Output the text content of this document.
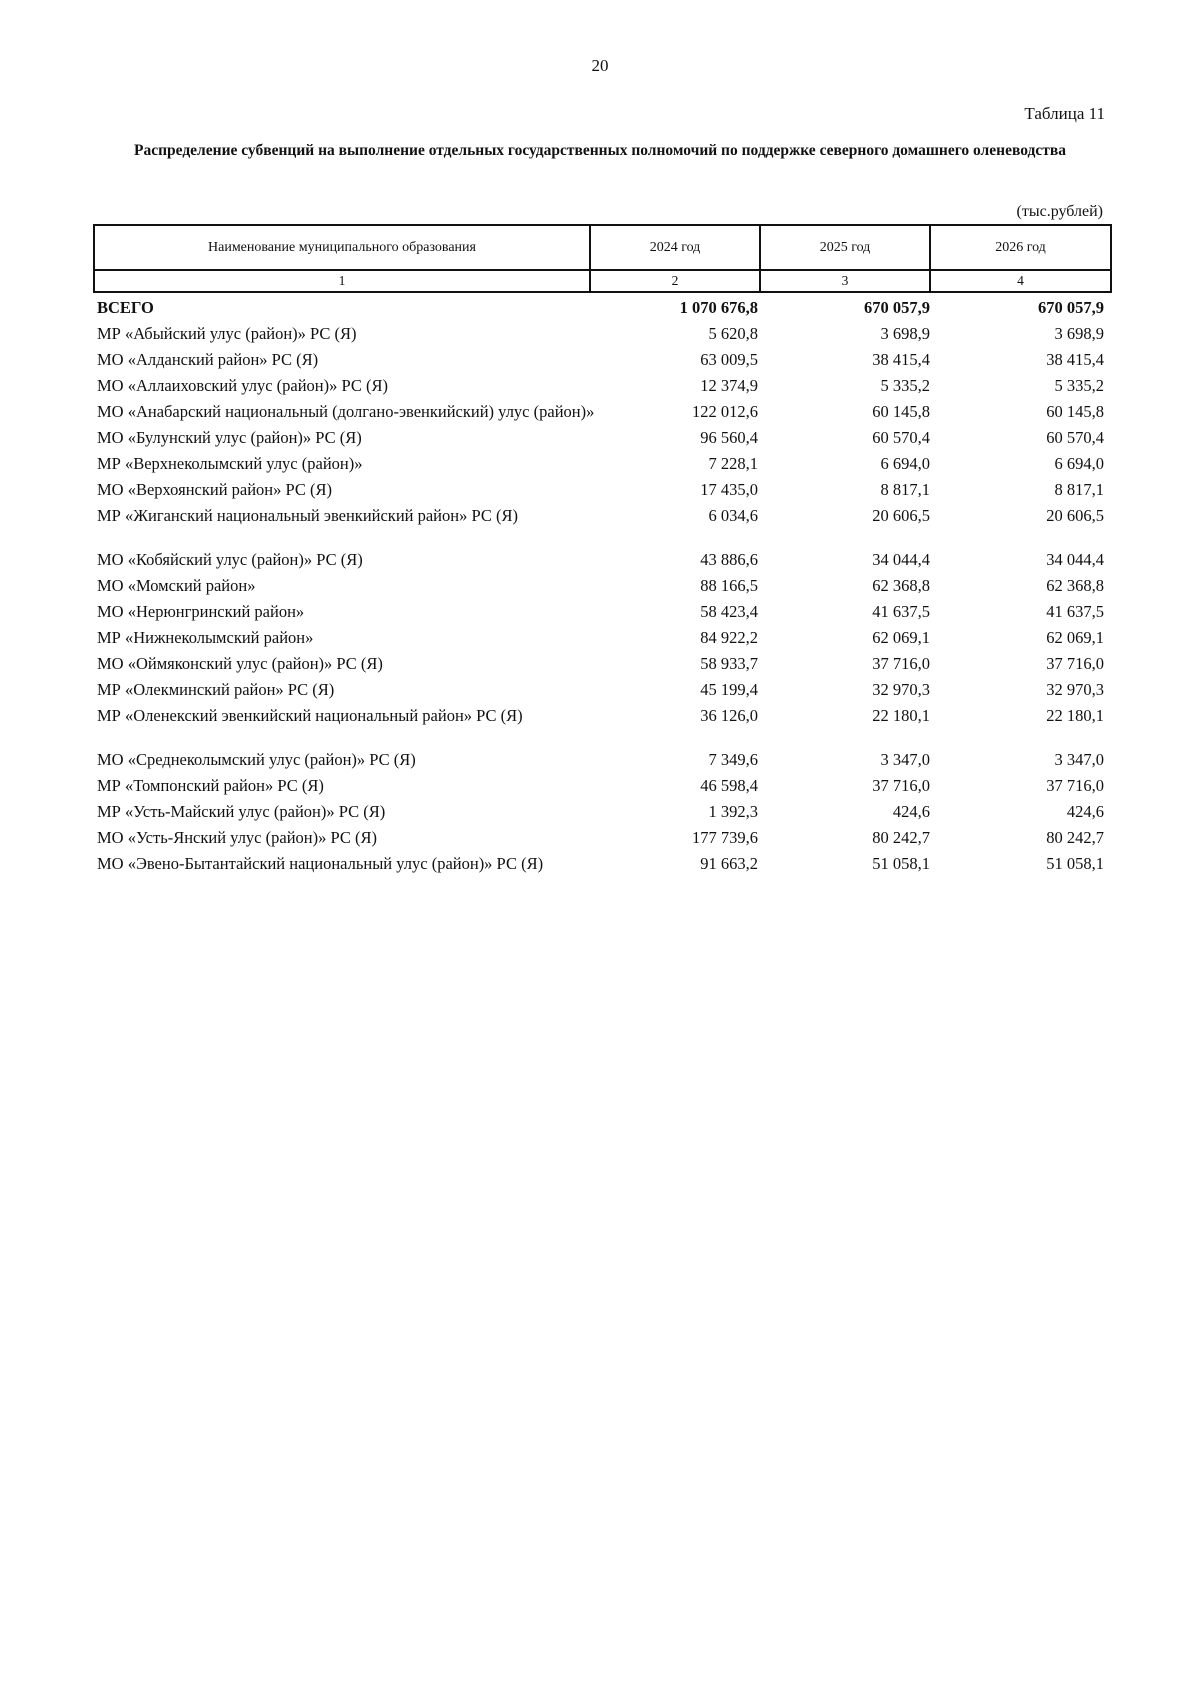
20
Таблица 11
Распределение субвенций на выполнение отдельных государственных полномочий по поддержке северного домашнего оленеводства
(тыс.рублей)
Наименование муниципального образования	2024 год	2025 год	2026 год
1	2	3	4
ВСЕГО	1 070 676,8	670 057,9	670 057,9
МР «Абыйский улус (район)» РС (Я)	5 620,8	3 698,9	3 698,9
МО «Алданский район» РС (Я)	63 009,5	38 415,4	38 415,4
МО «Аллаиховский улус (район)» РС (Я)	12 374,9	5 335,2	5 335,2
МО «Анабарский национальный (долгано-эвенкийский) улус (район)»	122 012,6	60 145,8	60 145,8
МО «Булунский улус (район)» РС (Я)	96 560,4	60 570,4	60 570,4
МР «Верхнеколымский улус (район)»	7 228,1	6 694,0	6 694,0
МО «Верхоянский район» РС (Я)	17 435,0	8 817,1	8 817,1
МР «Жиганский национальный эвенкийский район» РС (Я)	6 034,6	20 606,5	20 606,5
МО «Кобяйский улус (район)» РС (Я)	43 886,6	34 044,4	34 044,4
МО «Момский район»	88 166,5	62 368,8	62 368,8
МО «Нерюнгринский район»	58 423,4	41 637,5	41 637,5
МР «Нижнеколымский район»	84 922,2	62 069,1	62 069,1
МО «Оймяконский улус (район)» РС (Я)	58 933,7	37 716,0	37 716,0
МР «Олекминский район» РС (Я)	45 199,4	32 970,3	32 970,3
МР «Оленекский эвенкийский национальный район» РС (Я)	36 126,0	22 180,1	22 180,1
МО «Среднеколымский улус (район)» РС (Я)	7 349,6	3 347,0	3 347,0
МР «Томпонский район» РС (Я)	46 598,4	37 716,0	37 716,0
МР «Усть-Майский улус (район)» РС (Я)	1 392,3	424,6	424,6
МО «Усть-Янский улус (район)» РС (Я)	177 739,6	80 242,7	80 242,7
МО «Эвено-Бытантайский национальный улус (район)» РС (Я)	91 663,2	51 058,1	51 058,1
